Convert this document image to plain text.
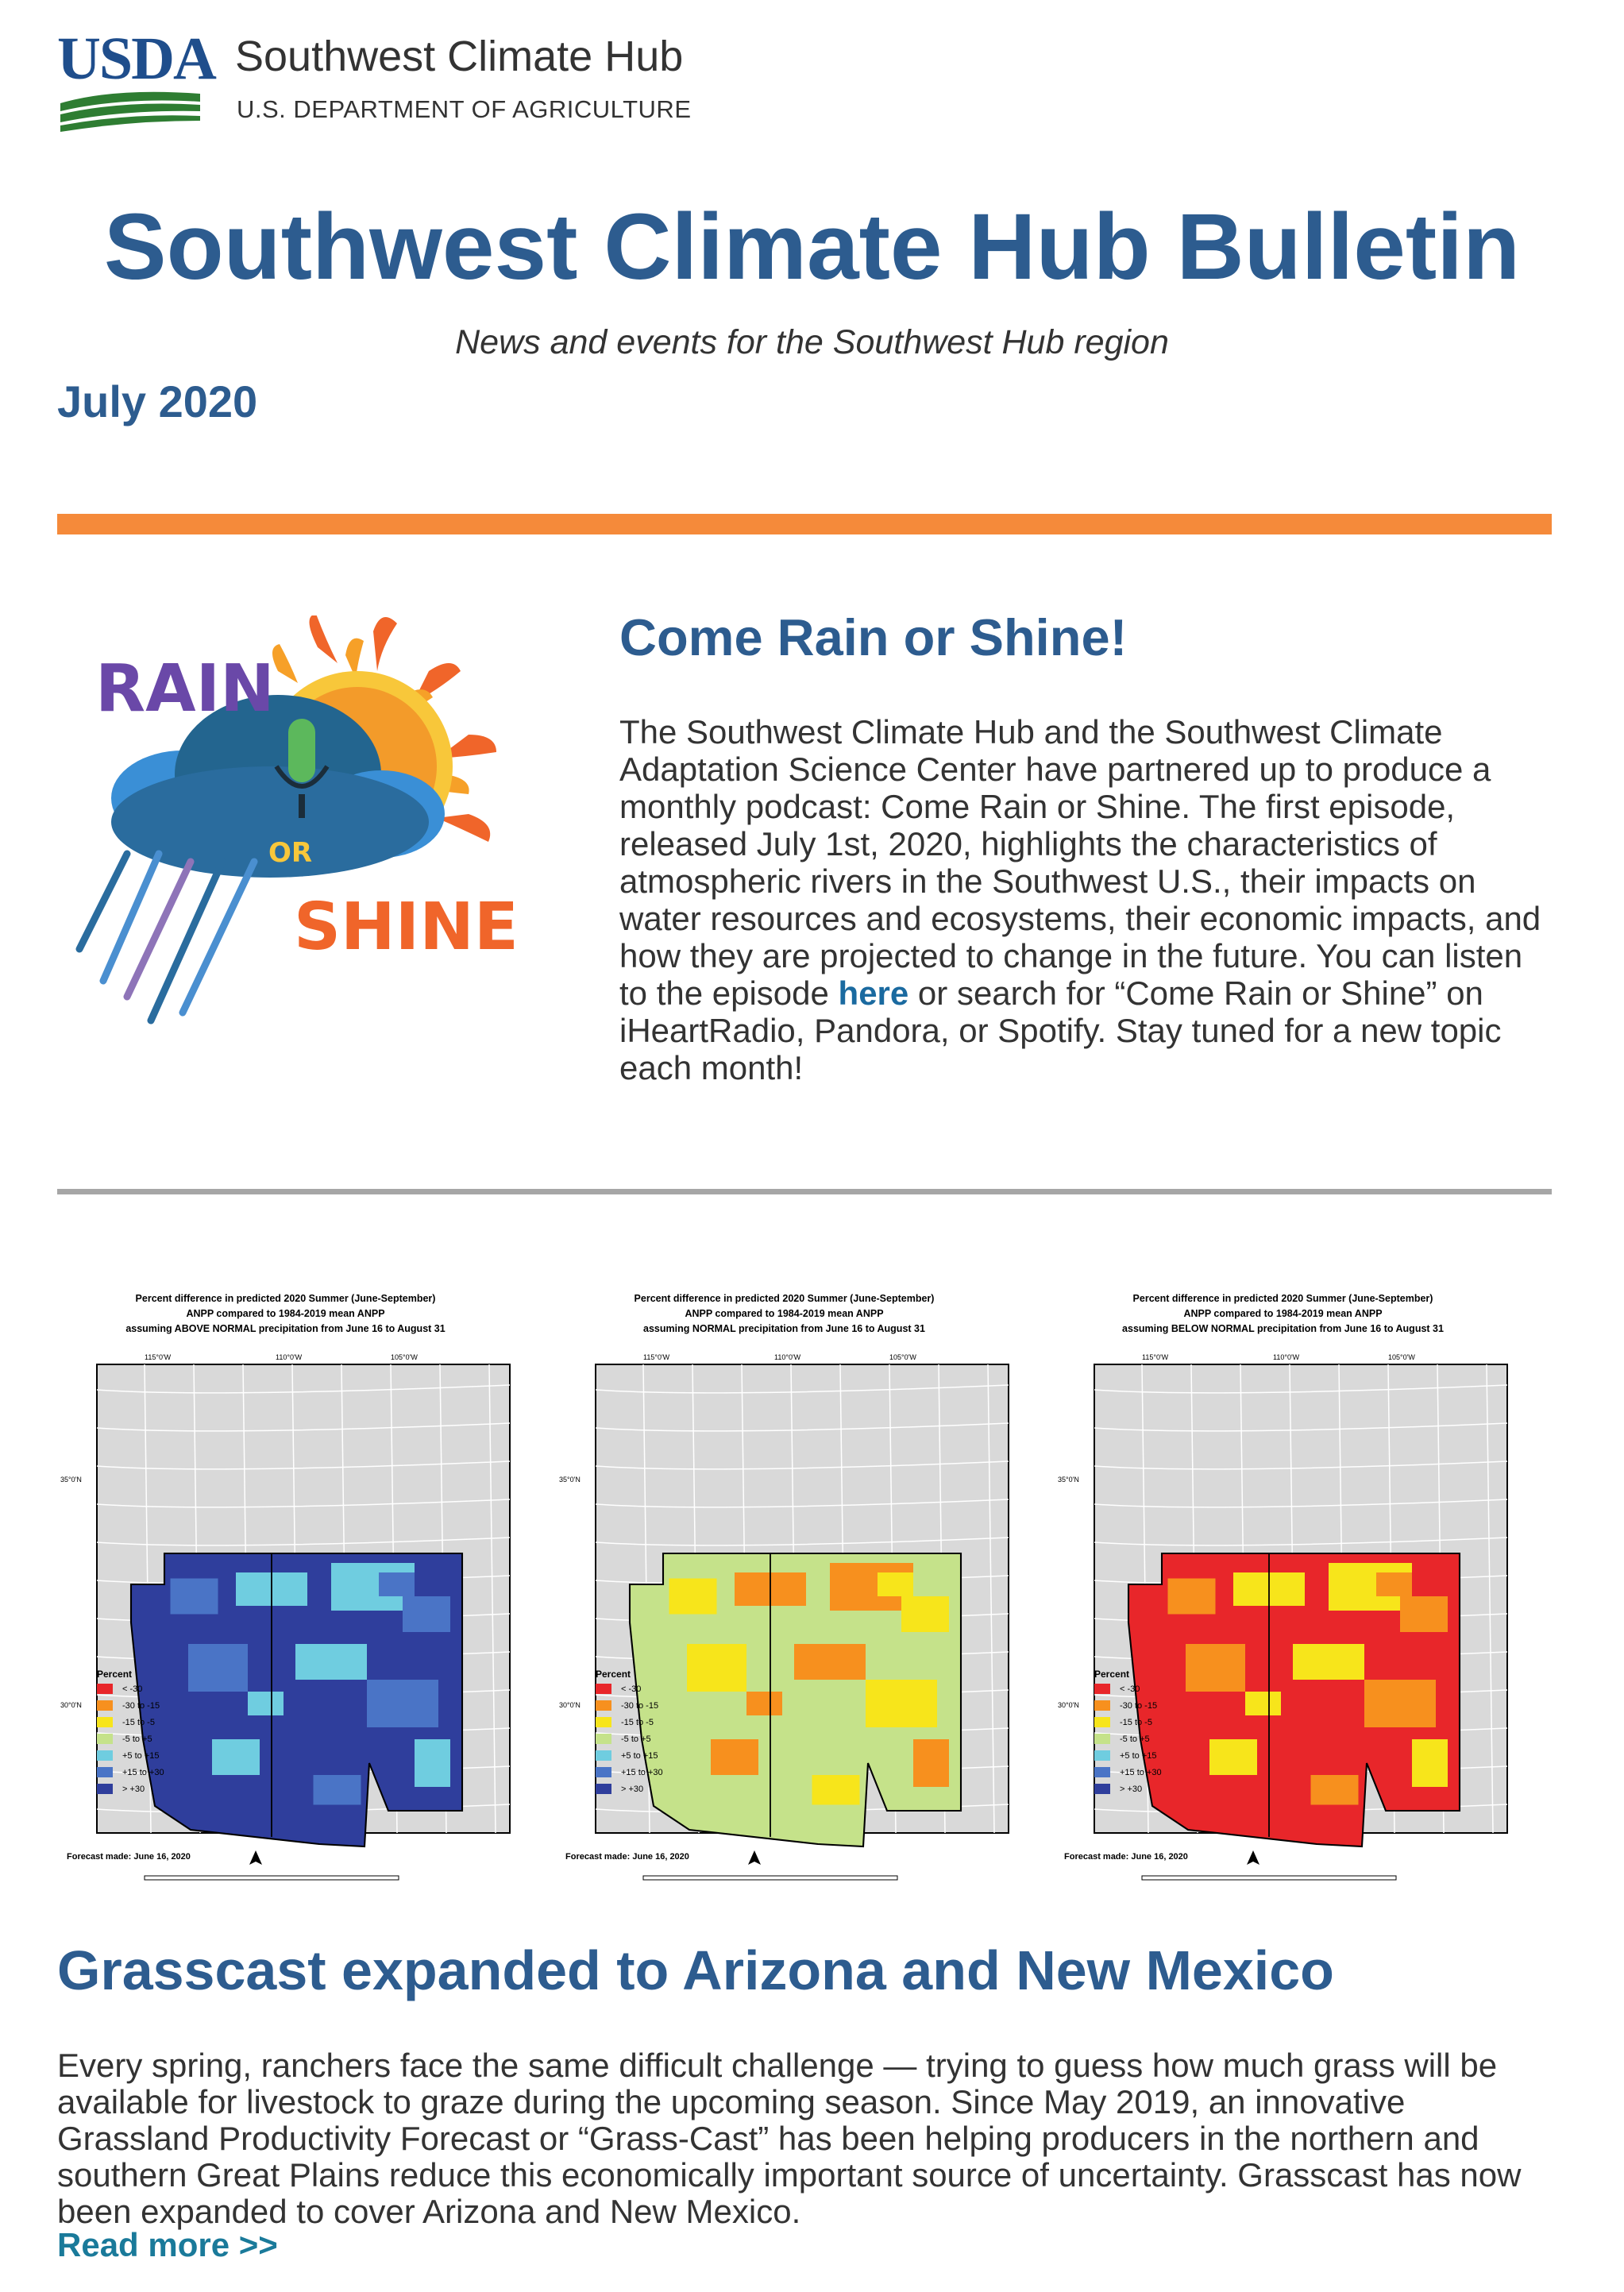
USDA Southwest Climate Hub
U.S. DEPARTMENT OF AGRICULTURE
Southwest Climate Hub Bulletin
News and events for the Southwest Hub region
July 2020
RAIN
OR
SHINE
Come Rain or Shine!
The Southwest Climate Hub and the Southwest Climate Adaptation Science Center have partnered up to produce a monthly podcast: Come Rain or Shine. The first episode, released July 1st, 2020, highlights the characteristics of atmospheric rivers in the Southwest U.S., their impacts on water resources and ecosystems, their economic impacts, and how they are projected to change in the future. You can listen to the episode here or search for “Come Rain or Shine” on iHeartRadio, Pandora, or Spotify. Stay tuned for a new topic each month!
Percent difference in predicted 2020 Summer (June-September)
ANPP compared to 1984-2019 mean ANPP
assuming ABOVE NORMAL precipitation from June 16 to August 31
115°0'W	110°0'W	105°0'W
35°0'N
30°0'N
Percent
< -30
-30 to -15
-15 to -5
-5 to +5
+5 to +15
+15 to +30
> +30
Forecast made: June 16, 2020
Percent difference in predicted 2020 Summer (June-September)
ANPP compared to 1984-2019 mean ANPP
assuming NORMAL precipitation from June 16 to August 31
115°0'W	110°0'W	105°0'W
35°0'N
30°0'N
Percent
< -30
-30 to -15
-15 to -5
-5 to +5
+5 to +15
+15 to +30
> +30
Forecast made: June 16, 2020
Percent difference in predicted 2020 Summer (June-September)
ANPP compared to 1984-2019 mean ANPP
assuming BELOW NORMAL precipitation from June 16 to August 31
115°0'W	110°0'W	105°0'W
35°0'N
30°0'N
Percent
< -30
-30 to -15
-15 to -5
-5 to +5
+5 to +15
+15 to +30
> +30
Forecast made: June 16, 2020
Grasscast expanded to Arizona and New Mexico
Every spring, ranchers face the same difficult challenge — trying to guess how much grass will be available for livestock to graze during the upcoming season. Since May 2019, an innovative Grassland Productivity Forecast or “Grass-Cast” has been helping producers in the northern and southern Great Plains reduce this economically important source of uncertainty. Grasscast has now been expanded to cover Arizona and New Mexico.
Read more >>
